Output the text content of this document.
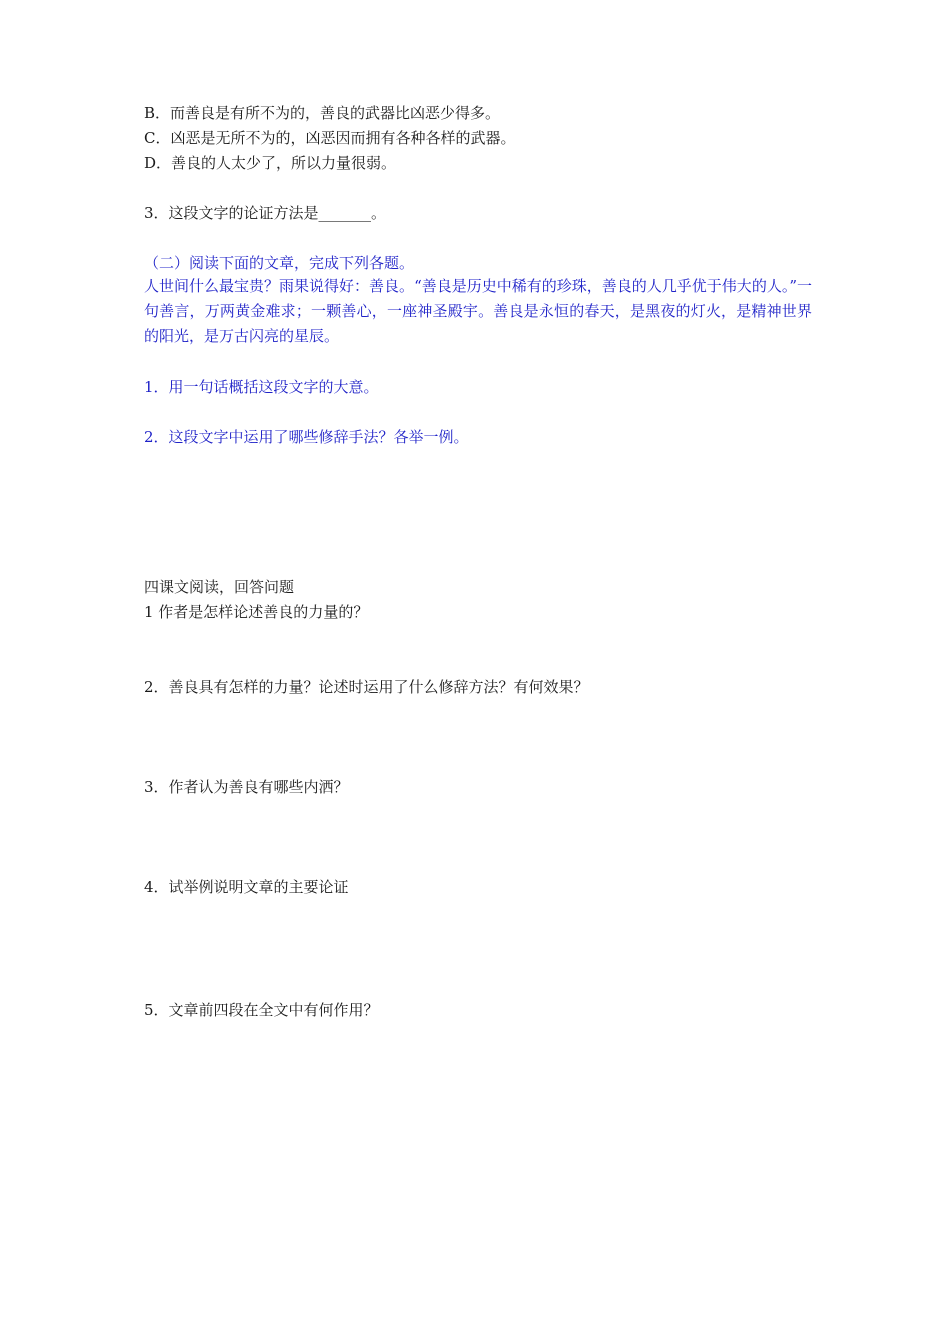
B．而善良是有所不为的，善良的武器比凶恶少得多。
C．凶恶是无所不为的，凶恶因而拥有各种各样的武器。
D．善良的人太少了，所以力量很弱。
3．这段文字的论证方法是_______。
（二）阅读下面的文章，完成下列各题。
人世间什么最宝贵？雨果说得好：善良。“善良是历史中稀有的珍珠，善良的人几乎优于伟大的人。”一句善言，万两黄金难求；一颗善心，一座神圣殿宇。善良是永恒的春天，是黑夜的灯火，是精神世界的阳光，是万古闪亮的星辰。
1．用一句话概括这段文字的大意。
2．这段文字中运用了哪些修辞手法？各举一例。
四课文阅读，回答问题
1 作者是怎样论述善良的力量的？
2．善良具有怎样的力量？论述时运用了什么修辞方法？有何效果？
3．作者认为善良有哪些内洒？
4．试举例说明文章的主要论证
5．文章前四段在全文中有何作用？
